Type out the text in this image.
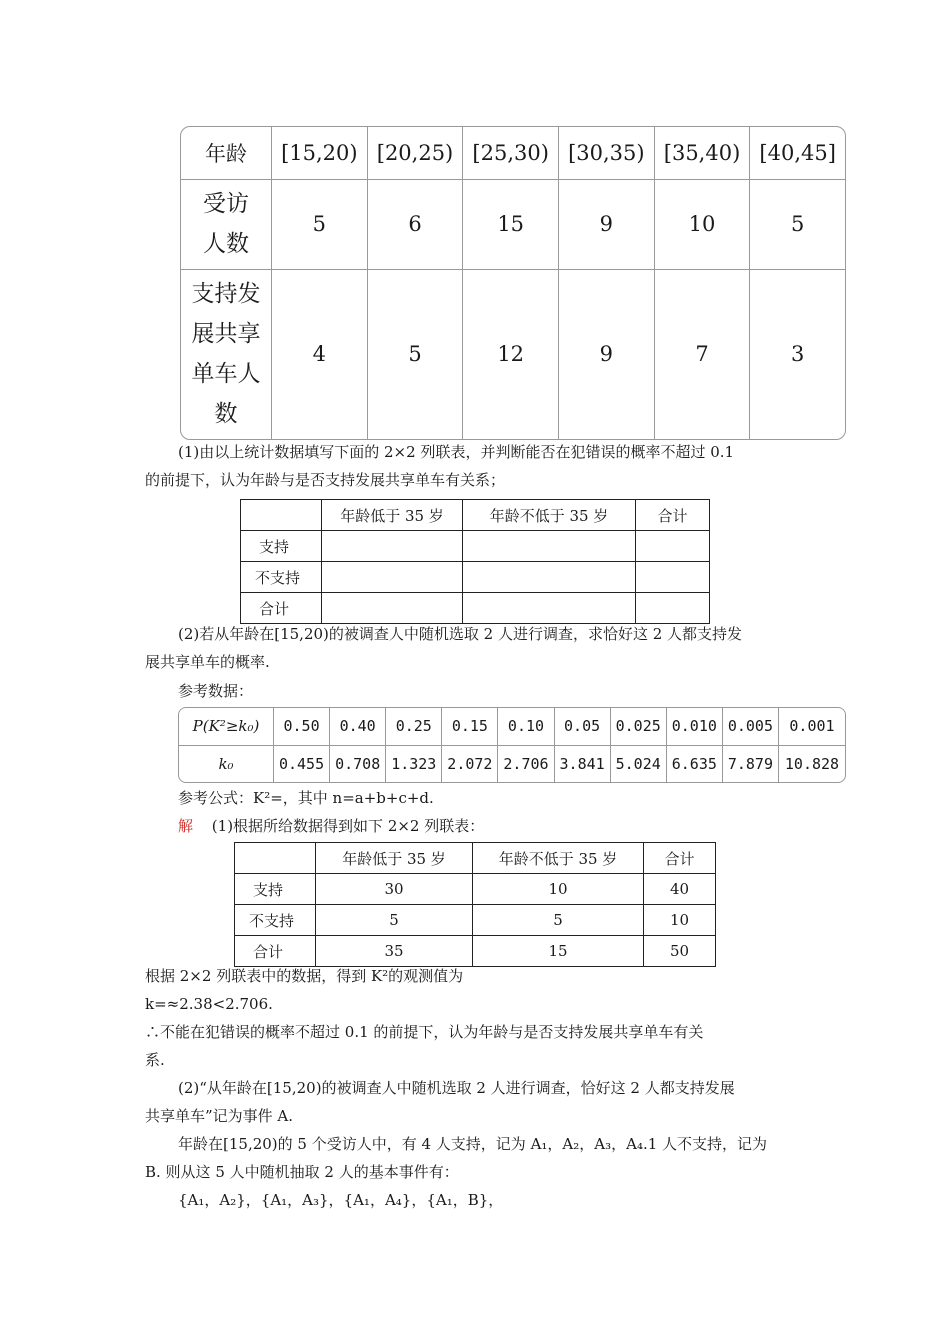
年龄	[15,20)	[20,25)	[25,30)	[30,35)	[35,40)	[40,45]

受访
人数	5	6	15	9	10	5

支持发
展共享
单车人
数	4	5	12	9	7	3
(1)由以上统计数据填写下面的 2×2 列联表，并判断能否在犯错误的概率不超过 0.1
的前提下，认为年龄与是否支持发展共享单车有关系；
	年龄低于 35 岁	年龄不低于 35 岁	合计
支持			
不支持			
合计			
(2)若从年龄在[15,20)的被调查人中随机选取 2 人进行调查，求恰好这 2 人都支持发
展共享单车的概率.
参考数据：
P(K²≥k₀)	0.50	0.40	0.25	0.15	0.10	0.05	0.025	0.010	0.005	0.001
k₀	0.455	0.708	1.323	2.072	2.706	3.841	5.024	6.635	7.879	10.828
参考公式：K²=，其中 n=a+b+c+d.
解 (1)根据所给数据得到如下 2×2 列联表：
	年龄低于 35 岁	年龄不低于 35 岁	合计
支持	30	10	40
不支持	5	5	10
合计	35	15	50
根据 2×2 列联表中的数据，得到 K²的观测值为
k=≈2.38<2.706.
∴不能在犯错误的概率不超过 0.1 的前提下，认为年龄与是否支持发展共享单车有关
系.
(2)“从年龄在[15,20)的被调查人中随机选取 2 人进行调查，恰好这 2 人都支持发展
共享单车”记为事件 A.
年龄在[15,20)的 5 个受访人中，有 4 人支持，记为 A₁，A₂，A₃，A₄.1 人不支持，记为
B. 则从这 5 人中随机抽取 2 人的基本事件有：
{A₁，A₂}，{A₁，A₃}，{A₁，A₄}，{A₁，B}，
